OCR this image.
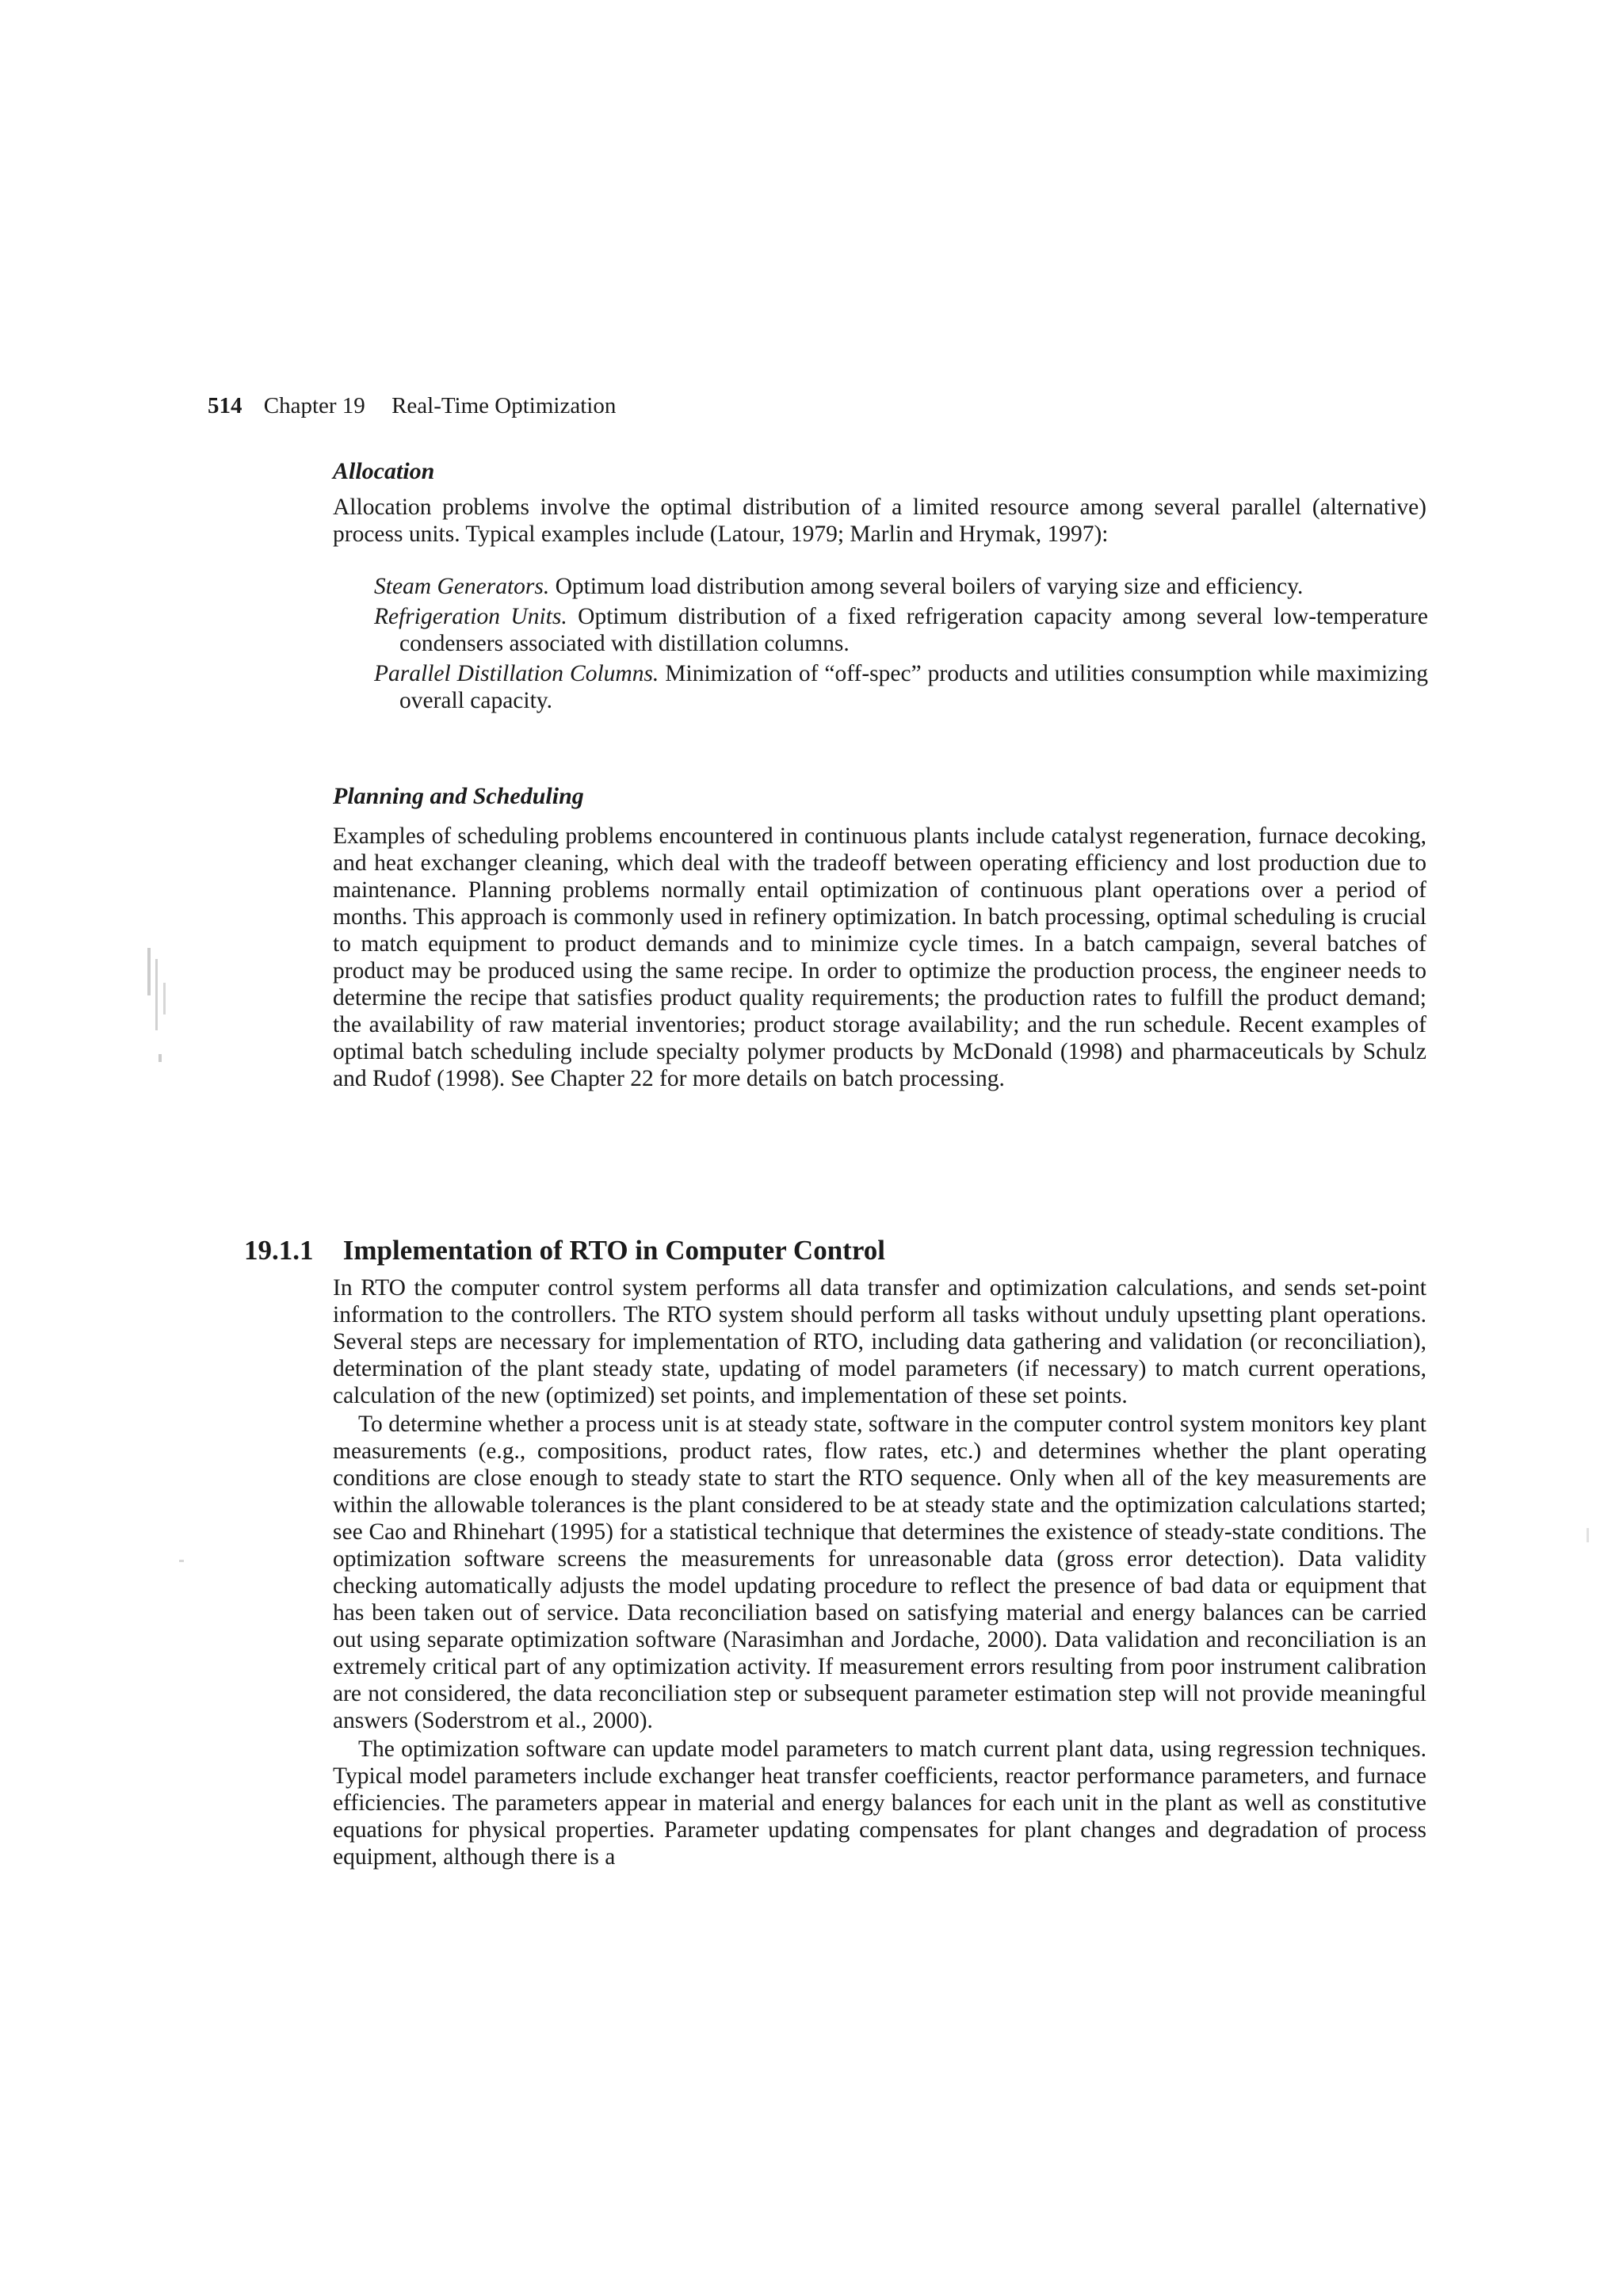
514 Chapter 19 Real-Time Optimization
Allocation

Allocation problems involve the optimal distribution of a limited resource among several parallel (alternative) process units. Typical examples include (Latour, 1979; Marlin and Hrymak, 1997):

Steam Generators. Optimum load distribution among several boilers of varying size and efficiency.
Refrigeration Units. Optimum distribution of a fixed refrigeration capacity among several low-temperature condensers associated with distillation columns.
Parallel Distillation Columns. Minimization of “off-spec” products and utilities consumption while maximizing overall capacity.
Planning and Scheduling

Examples of scheduling problems encountered in continuous plants include catalyst regeneration, furnace decoking, and heat exchanger cleaning, which deal with the tradeoff between operating efficiency and lost production due to maintenance. Planning problems normally entail optimization of continuous plant operations over a period of months. This approach is commonly used in refinery optimization. In batch processing, optimal scheduling is crucial to match equipment to product demands and to minimize cycle times. In a batch campaign, several batches of product may be produced using the same recipe. In order to optimize the production process, the engineer needs to determine the recipe that satisfies product quality requirements; the production rates to fulfill the product demand; the availability of raw material inventories; product storage availability; and the run schedule. Recent examples of optimal batch scheduling include specialty polymer products by McDonald (1998) and pharmaceuticals by Schulz and Rudof (1998). See Chapter 22 for more details on batch processing.

19.1.1 Implementation of RTO in Computer Control

In RTO the computer control system performs all data transfer and optimization calculations, and sends set-point information to the controllers. The RTO system should perform all tasks without unduly upsetting plant operations. Several steps are necessary for implementation of RTO, including data gathering and validation (or reconciliation), determination of the plant steady state, updating of model parameters (if necessary) to match current operations, calculation of the new (optimized) set points, and implementation of these set points.

To determine whether a process unit is at steady state, software in the computer control system monitors key plant measurements (e.g., compositions, product rates, flow rates, etc.) and determines whether the plant operating conditions are close enough to steady state to start the RTO sequence. Only when all of the key measurements are within the allowable tolerances is the plant considered to be at steady state and the optimization calculations started; see Cao and Rhinehart (1995) for a statistical technique that determines the existence of steady-state conditions. The optimization software screens the measurements for unreasonable data (gross error detection). Data validity checking automatically adjusts the model updating procedure to reflect the presence of bad data or equipment that has been taken out of service. Data reconciliation based on satisfying material and energy balances can be carried out using separate optimization software (Narasimhan and Jordache, 2000). Data validation and reconciliation is an extremely critical part of any optimization activity. If measurement errors resulting from poor instrument calibration are not considered, the data reconciliation step or subsequent parameter estimation step will not provide meaningful answers (Soderstrom et al., 2000).

The optimization software can update model parameters to match current plant data, using regression techniques. Typical model parameters include exchanger heat transfer coefficients, reactor performance parameters, and furnace efficiencies. The parameters appear in material and energy balances for each unit in the plant as well as constitutive equations for physical properties. Parameter updating compensates for plant changes and degradation of process equipment, although there is a
